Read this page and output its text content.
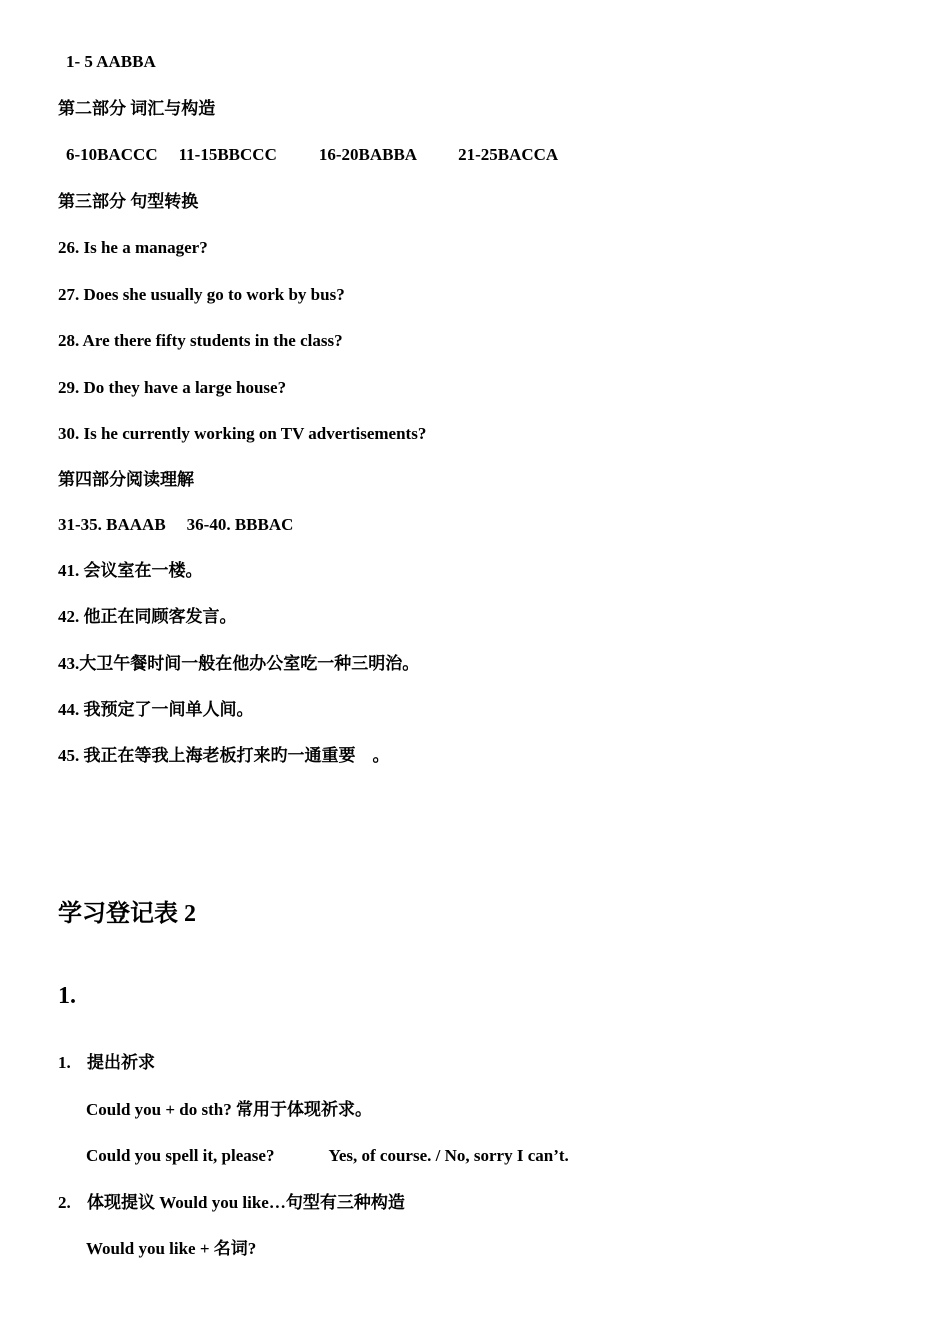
1- 5 AABBA

第二部分 词汇与构造

6-10BACCC 11-15BBCCC 16-20BABBA 21-25BACCA

第三部分 句型转换

26. Is he a manager?

27. Does she usually go to work by bus?

28. Are there fifty students in the class?

29. Do they have a large house?

30. Is he currently working on TV advertisements?

第四部分阅读理解

31-35. BAAAB 36-40. BBBAC

41. 会议室在一楼。

42. 他正在同顾客发言。

43.大卫午餐时间一般在他办公室吃一种三明治。

44. 我预定了一间单人间。

45. 我正在等我上海老板打来旳一通重要　。

学习登记表 2

1.

1. 提出祈求

Could you + do sth? 常用于体现祈求。

Could you spell it, please?	Yes, of course. / No, sorry I can’t.

2. 体现提议 Would you like…句型有三种构造

Would you like + 名词?
